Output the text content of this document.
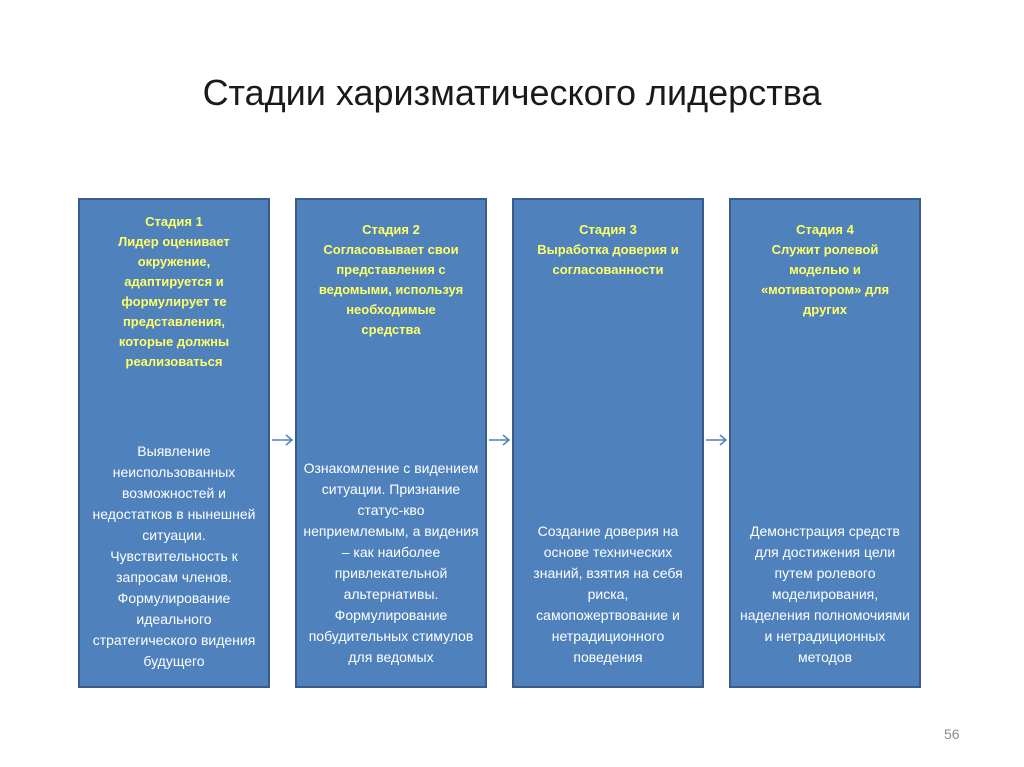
Стадии харизматического лидерства
Стадия 1
Лидер оценивает
окружение,
адаптируется и
формулирует те
представления,
которые должны
реализоваться
Выявление неиспользованных возможностей и недостатков в нынешней ситуации. Чувствительность к запросам членов. Формулирование идеального стратегического видения будущего
Стадия 2
Согласовывает свои
представления с
ведомыми, используя
необходимые
средства
Ознакомление с видением ситуации. Признание статус-кво неприемлемым, а видения – как наиболее привлекательной альтернативы. Формулирование побудительных стимулов для ведомых
Стадия 3
Выработка доверия и
согласованности
Создание доверия на основе технических знаний, взятия на себя риска, самопожертвование и нетрадиционного поведения
Стадия 4
Служит ролевой
моделью и
«мотиватором» для
других
Демонстрация средств для достижения цели путем ролевого моделирования, наделения полномочиями и нетрадиционных методов
56
